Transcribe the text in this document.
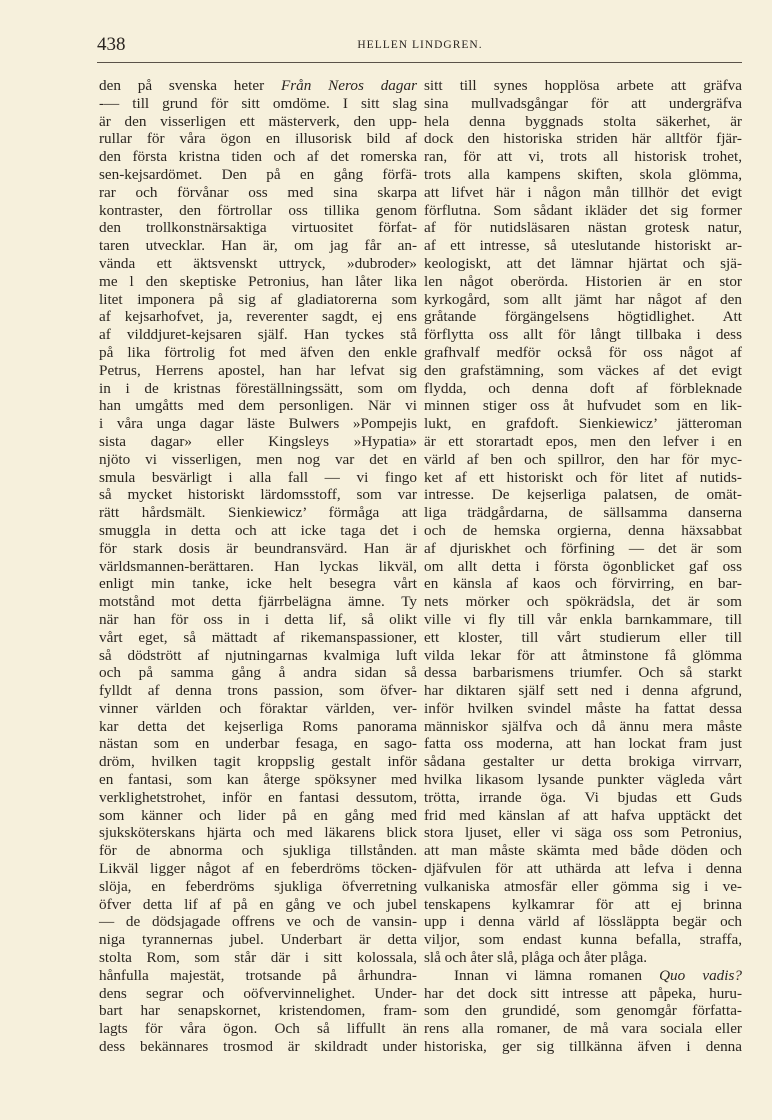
438	HELLEN LINDGREN.
den på svenska heter Från Neros dagar
-— till grund för sitt omdöme. I sitt slag
är den visserligen ett mästerverk, den upp-
rullar för våra ögon en illusorisk bild af
den första kristna tiden och af det romerska
sen-kejsardömet. Den på en gång förfä-
rar och förvånar oss med sina skarpa
kontraster, den förtrollar oss tillika genom
den trollkonstnärsaktiga virtuositet förfat-
taren utvecklar. Han är, om jag får an-
vända ett äktsvenskt uttryck, »dubroder»
me l den skeptiske Petronius, han låter lika
litet imponera på sig af gladiatorerna som
af kejsarhofvet, ja, reverenter sagdt, ej ens
af vilddjuret-kejsaren själf. Han tyckes stå
på lika förtrolig fot med äfven den enkle
Petrus, Herrens apostel, han har lefvat sig
in i de kristnas föreställningssätt, som om
han umgåtts med dem personligen. När vi
i våra unga dagar läste Bulwers »Pompejis
sista dagar» eller Kingsleys »Hypatia»
njöto vi visserligen, men nog var det en
smula besvärligt i alla fall — vi fingo
så mycket historiskt lärdomsstoff, som var
rätt hårdsmält. Sienkiewicz’ förmåga att
smuggla in detta och att icke taga det i
för stark dosis är beundransvärd. Han är
världsmannen-berättaren. Han lyckas likväl,
enligt min tanke, icke helt besegra vårt
motstånd mot detta fjärrbelägna ämne. Ty
när han för oss in i detta lif, så olikt
vårt eget, så mättadt af rikemanspassioner,
så dödstrött af njutningarnas kvalmiga luft
och på samma gång å andra sidan så
fylldt af denna trons passion, som öfver-
vinner världen och föraktar världen, ver-
kar detta det kejserliga Roms panorama
nästan som en underbar fesaga, en sago-
dröm, hvilken tagit kroppslig gestalt inför
en fantasi, som kan återge spöksyner med
verklighetstrohet, inför en fantasi dessutom,
som känner och lider på en gång med
sjuksköterskans hjärta och med läkarens blick
för de abnorma och sjukliga tillstånden.
Likväl ligger något af en feberdröms töcken-
slöja, en feberdröms sjukliga öfverretning
öfver detta lif af på en gång ve och jubel
— de dödsjagade offrens ve och de vansin-
niga tyrannernas jubel. Underbart är detta
stolta Rom, som står där i sitt kolossala,
hånfulla majestät, trotsande på århundra-
dens segrar och oöfvervinnelighet. Under-
bart har senapskornet, kristendomen, fram-
lagts för våra ögon. Och så liffullt än
dess bekännares trosmod är skildradt under
sitt till synes hopplösa arbete att gräfva
sina mullvadsgångar för att undergräfva
hela denna byggnads stolta säkerhet, är
dock den historiska striden här alltför fjär-
ran, för att vi, trots all historisk trohet,
trots alla kampens skiften, skola glömma,
att lifvet här i någon mån tillhör det evigt
förflutna. Som sådant ikläder det sig former
af för nutidsläsaren nästan grotesk natur,
af ett intresse, så uteslutande historiskt ar-
keologiskt, att det lämnar hjärtat och sjä-
len något oberörda. Historien är en stor
kyrkogård, som allt jämt har något af den
gråtande förgängelsens högtidlighet. Att
förflytta oss allt för långt tillbaka i dess
grafhvalf medför också för oss något af
den grafstämning, som väckes af det evigt
flydda, och denna doft af förbleknade
minnen stiger oss åt hufvudet som en lik-
lukt, en grafdoft. Sienkiewicz’ jätteroman
är ett storartadt epos, men den lefver i en
värld af ben och spillror, den har för myc-
ket af ett historiskt och för litet af nutids-
intresse. De kejserliga palatsen, de omät-
liga trädgårdarna, de sällsamma danserna
och de hemska orgierna, denna häxsabbat
af djuriskhet och förfining — det är som
om allt detta i första ögonblicket gaf oss
en känsla af kaos och förvirring, en bar-
nets mörker och spökrädsla, det är som
ville vi fly till vår enkla barnkammare, till
ett kloster, till vårt studierum eller till
vilda lekar för att åtminstone få glömma
dessa barbarismens triumfer. Och så starkt
har diktaren själf sett ned i denna afgrund,
inför hvilken svindel måste ha fattat dessa
människor själfva och då ännu mera måste
fatta oss moderna, att han lockat fram just
sådana gestalter ur detta brokiga virrvarr,
hvilka likasom lysande punkter vägleda vårt
trötta, irrande öga. Vi bjudas ett Guds
frid med känslan af att hafva upptäckt det
stora ljuset, eller vi säga oss som Petronius,
att man måste skämta med både döden och
djäfvulen för att uthärda att lefva i denna
vulkaniska atmosfär eller gömma sig i ve-
tenskapens kylkamrar för att ej brinna
upp i denna värld af lössläppta begär och
viljor, som endast kunna befalla, straffa,
slå och åter slå, plåga och åter plåga.
Innan vi lämna romanen Quo vadis?
har det dock sitt intresse att påpeka, huru-
som den grundidé, som genomgår författa-
rens alla romaner, de må vara sociala eller
historiska, ger sig tillkänna äfven i denna
